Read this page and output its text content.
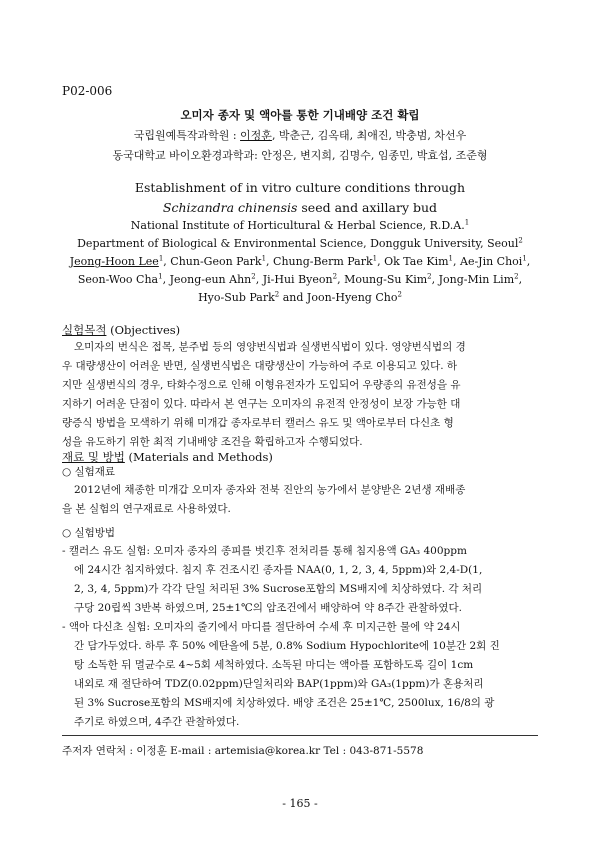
P02-006
오미자 종자 및 액아를 통한 기내배양 조건 확립
국립원예특작과학원 : 이정훈, 박춘근, 김옥태, 최애진, 박충범, 차선우
동국대학교 바이오환경과학과: 안정은, 변지희, 김명수, 임종민, 박효섭, 조준형
Establishment of in vitro culture conditions through
Schizandra chinensis seed and axillary bud
National Institute of Horticultural & Herbal Science, R.D.A.$^1$
Department of Biological & Environmental Science, Dongguk University, Seoul$^2$
Jeong-Hoon Lee$^1$, Chun-Geon Park$^1$, Chung-Berm Park$^1$, Ok Tae Kim$^1$, Ae-Jin Choi$^1$,
Seon-Woo Cha$^1$, Jeong-eun Ahn$^2$, Ji-Hui Byeon$^2$, Moung-Su Kim$^2$, Jong-Min Lim$^2$,
Hyo-Sub Park$^2$ and Joon-Hyeng Cho$^2$
실험목적 (Objectives)
오미자의 번식은 접목, 분주법 등의 영양번식법과 실생번식법이 있다. 영양번식법의 경
우 대량생산이 어려운 반면, 실생번식법은 대량생산이 가능하여 주로 이용되고 있다. 하
지만 실생번식의 경우, 타화수정으로 인해 이형유전자가 도입되어 우량종의 유전성을 유
지하기 어려운 단점이 있다. 따라서 본 연구는 오미자의 유전적 안정성이 보장 가능한 대
량증식 방법을 모색하기 위해 미개갑 종자로부터 캘러스 유도 및 액아로부터 다신초 형
성을 유도하기 위한 최적 기내배양 조건을 확립하고자 수행되었다.
재료 및 방법 (Materials and Methods)
○ 실험재료
2012년에 채종한 미개갑 오미자 종자와 전북 진안의 농가에서 분양받은 2년생 재배종
을 본 실험의 연구재료로 사용하였다.
○ 실험방법
- 캘러스 유도 실험: 오미자 종자의 종피를 벗긴후 전처리를 통해 침지용액 GA₃ 400ppm
에 24시간 침지하였다. 침지 후 건조시킨 종자를 NAA(0, 1, 2, 3, 4, 5ppm)와 2,4-D(1,
2, 3, 4, 5ppm)가 각각 단일 처리된 3% Sucrose포함의 MS배지에 치상하였다. 각 처리
구당 20립씩 3반복 하였으며, 25±1℃의 암조건에서 배양하여 약 8주간 관찰하였다.
- 액아 다신초 실험: 오미자의 줄기에서 마디를 절단하여 수세 후 미지근한 물에 약 24시
간 담가두었다. 하루 후 50% 에탄올에 5분, 0.8% Sodium Hypochlorite에 10분간 2회 진
탕 소독한 뒤 멸균수로 4~5회 세척하였다. 소독된 마디는 액아를 포함하도록 길이 1cm
내외로 재 절단하여 TDZ(0.02ppm)단일처리와 BAP(1ppm)와 GA₃(1ppm)가 혼용처리
된 3% Sucrose포함의 MS배지에 치상하였다. 배양 조건은 25±1℃, 2500lux, 16/8의 광
주기로 하였으며, 4주간 관찰하였다.
주저자 연락처 : 이정훈 E-mail : artemisia@korea.kr Tel : 043-871-5578
- 165 -
